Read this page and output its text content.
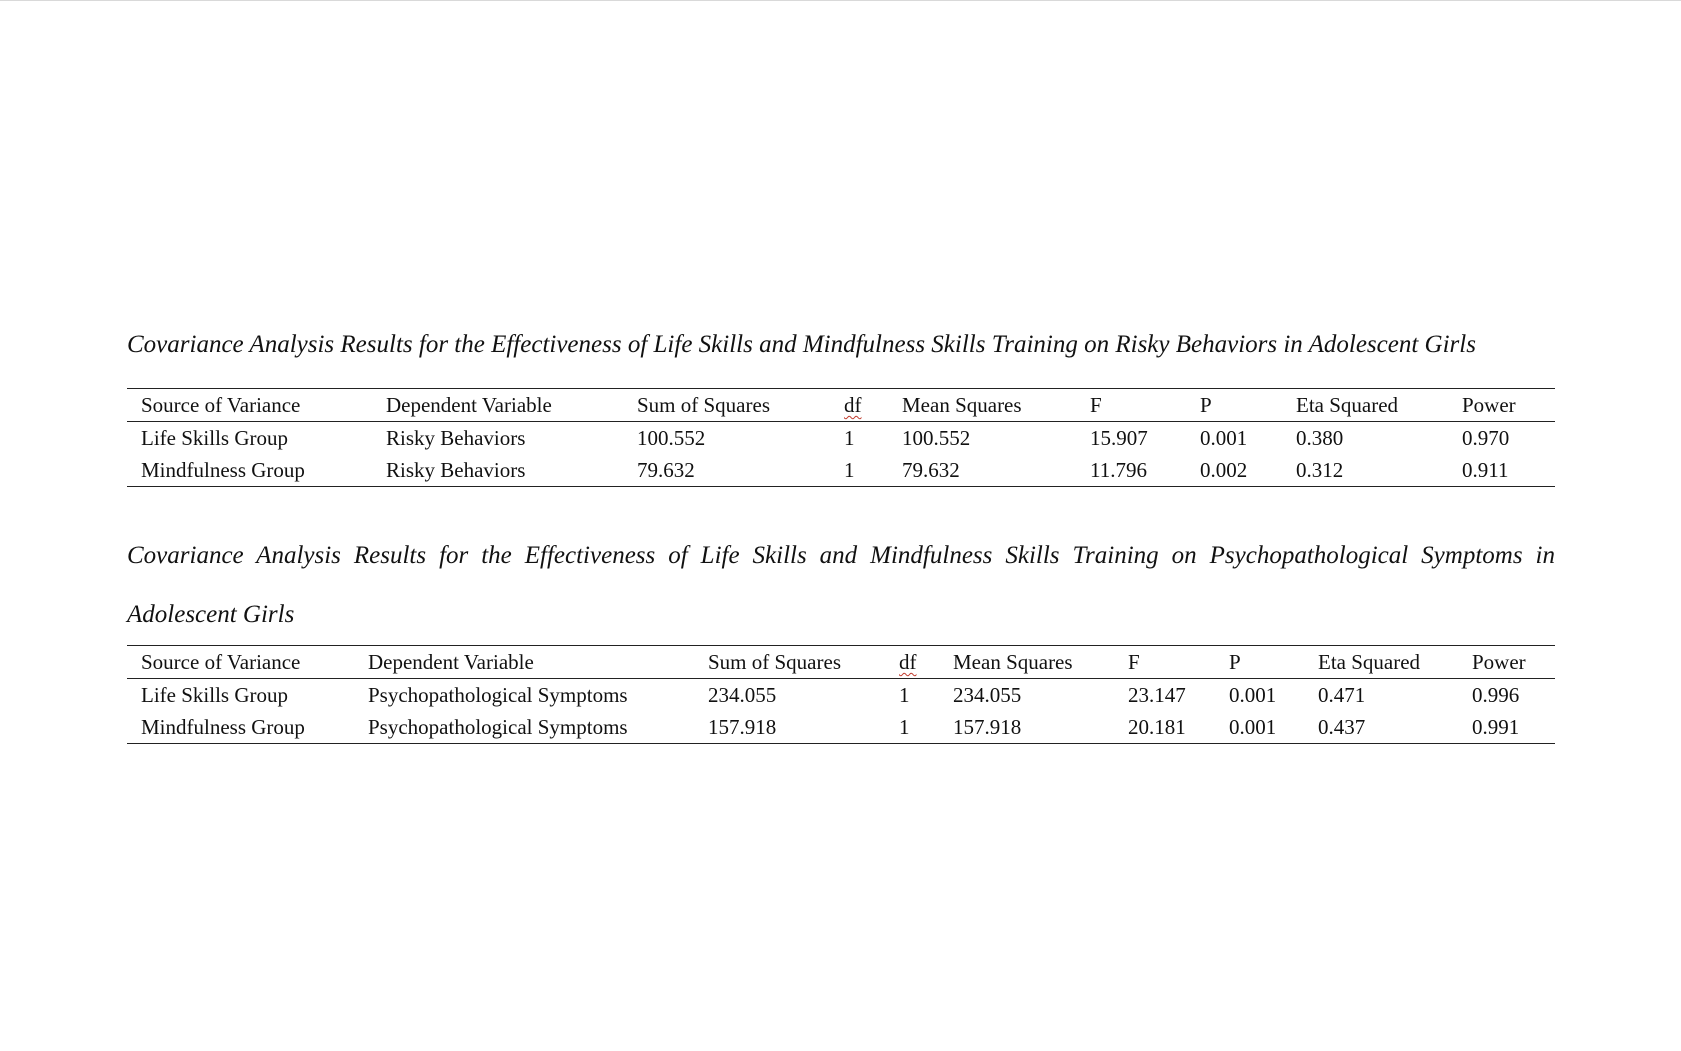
Covariance Analysis Results for the Effectiveness of Life Skills and Mindfulness Skills Training on Risky Behaviors in Adolescent Girls

Source of Variance	Dependent Variable	Sum of Squares	df	Mean Squares	F	P	Eta Squared	Power
Life Skills Group	Risky Behaviors	100.552	1	100.552	15.907	0.001	0.380	0.970
Mindfulness Group	Risky Behaviors	79.632	1	79.632	11.796	0.002	0.312	0.911

Covariance Analysis Results for the Effectiveness of Life Skills and Mindfulness Skills Training on Psychopathological Symptoms in Adolescent Girls

Source of Variance	Dependent Variable	Sum of Squares	df	Mean Squares	F	P	Eta Squared	Power
Life Skills Group	Psychopathological Symptoms	234.055	1	234.055	23.147	0.001	0.471	0.996
Mindfulness Group	Psychopathological Symptoms	157.918	1	157.918	20.181	0.001	0.437	0.991
